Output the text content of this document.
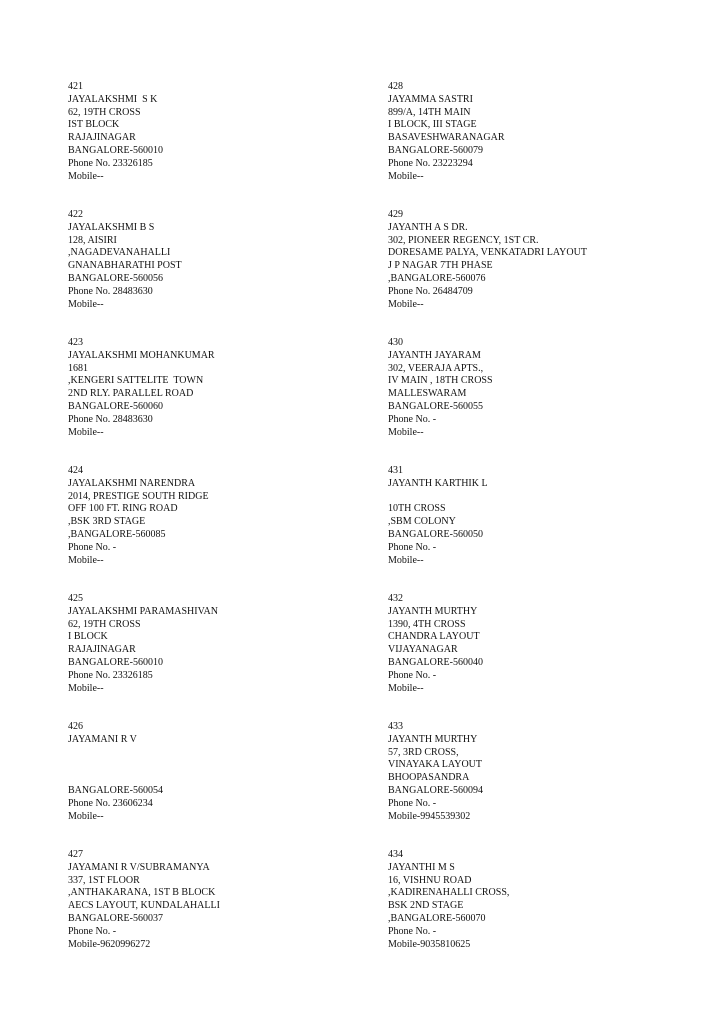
421
JAYALAKSHMI  S K
62, 19TH CROSS
IST BLOCK
RAJAJINAGAR
BANGALORE-560010
Phone No. 23326185
Mobile--
422
JAYALAKSHMI B S
128, AISIRI
,NAGADEVANAHALLI
GNANABHARATHI POST
BANGALORE-560056
Phone No. 28483630
Mobile--
423
JAYALAKSHMI MOHANKUMAR
1681
,KENGERI SATTELITE  TOWN
2ND RLY. PARALLEL ROAD
BANGALORE-560060
Phone No. 28483630
Mobile--
424
JAYALAKSHMI NARENDRA
2014, PRESTIGE SOUTH RIDGE
OFF 100 FT. RING ROAD
,BSK 3RD STAGE
,BANGALORE-560085
Phone No. -
Mobile--
425
JAYALAKSHMI PARAMASHIVAN
62, 19TH CROSS
I BLOCK
RAJAJINAGAR
BANGALORE-560010
Phone No. 23326185
Mobile--
426
JAYAMANI R V
BANGALORE-560054
Phone No. 23606234
Mobile--
427
JAYAMANI R V/SUBRAMANYA
337, 1ST FLOOR
,ANTHAKARANA, 1ST B BLOCK
AECS LAYOUT, KUNDALAHALLI
BANGALORE-560037
Phone No. -
Mobile-9620996272
428
JAYAMMA SASTRI
899/A, 14TH MAIN
I BLOCK, III STAGE
BASAVESHWARANAGAR
BANGALORE-560079
Phone No. 23223294
Mobile--
429
JAYANTH A S DR.
302, PIONEER REGENCY, 1ST CR.
DORESAME PALYA, VENKATADRI LAYOUT
J P NAGAR 7TH PHASE
,BANGALORE-560076
Phone No. 26484709
Mobile--
430
JAYANTH JAYARAM
302, VEERAJA APTS.,
IV MAIN , 18TH CROSS
MALLESWARAM
BANGALORE-560055
Phone No. -
Mobile--
431
JAYANTH KARTHIK L
10TH CROSS
,SBM COLONY
BANGALORE-560050
Phone No. -
Mobile--
432
JAYANTH MURTHY
1390, 4TH CROSS
CHANDRA LAYOUT
VIJAYANAGAR
BANGALORE-560040
Phone No. -
Mobile--
433
JAYANTH MURTHY
57, 3RD CROSS,
VINAYAKA LAYOUT
BHOOPASANDRA
BANGALORE-560094
Phone No. -
Mobile-9945539302
434
JAYANTHI M S
16, VISHNU ROAD
,KADIRENAHALLI CROSS,
BSK 2ND STAGE
,BANGALORE-560070
Phone No. -
Mobile-9035810625
